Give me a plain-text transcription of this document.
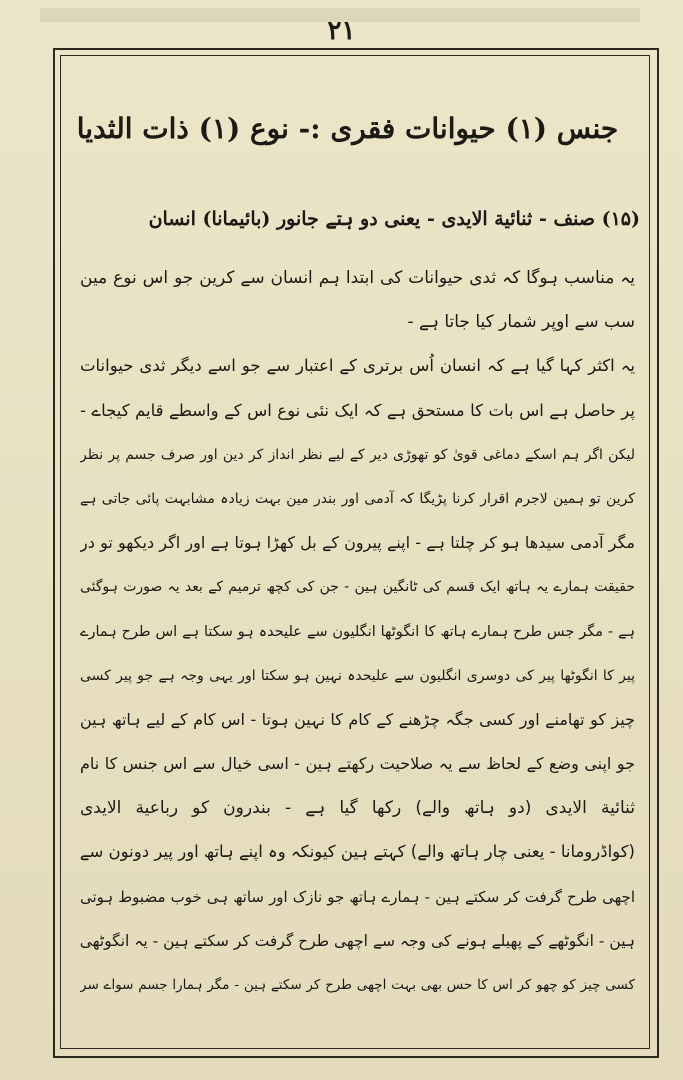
۲۱
جنس (۱) حیوانات فقری :- نوع (۱) ذات الثدیا
(۱۵) صنف - ثنائیة الایدی - یعنی دو ہتے جانور (بائیمانا) انسان
یہ مناسب ہوگا کہ ثدی حیوانات کی ابتدا ہم انسان سے کرین جو اس نوع مین
سب سے اوپر شمار کیا جاتا ہے -
یہ اکثر کہا گیا ہے کہ انسان اُس برتری کے اعتبار سے جو اسے دیگر ثدی حیوانات
پر حاصل ہے اس بات کا مستحق ہے کہ ایک نئی نوع اس کے واسطے قایم کیجاے -
لیکن اگر ہم اسکے دماغی قویٰ کو تھوڑی دیر کے لیے نظر انداز کر دین اور صرف جسم پر نظر
کرین تو ہمین لاجرم اقرار کرنا پڑیگا کہ آدمی اور بندر مین بہت زیادہ مشابہت پائی جاتی ہے
مگر آدمی سیدھا ہو کر چلتا ہے - اپنے پیرون کے بل کھڑا ہوتا ہے اور اگر دیکھو تو در
حقیقت ہمارے یہ ہاتھ ایک قسم کی ٹانگین ہین - جن کی کچھ ترمیم کے بعد یہ صورت ہوگئی
ہے - مگر جس طرح ہمارے ہاتھ کا انگوٹھا انگلیون سے علیحدہ ہو سکتا ہے اس طرح ہمارے
پیر کا انگوٹھا پیر کی دوسری انگلیون سے علیحدہ نہین ہو سکتا اور یہی وجہ ہے جو پیر کسی
چیز کو تھامنے اور کسی جگہ چڑھنے کے کام کا نہین ہوتا - اس کام کے لیے ہاتھ ہین
جو اپنی وضع کے لحاظ سے یہ صلاحیت رکھتے ہین - اسی خیال سے اس جنس کا نام
ثنائیة الایدی (دو ہاتھ والے) رکھا گیا ہے - بندرون کو رباعیة الایدی
(کواڈرومانا - یعنی چار ہاتھ والے) کہتے ہین کیونکہ وہ اپنے ہاتھ اور پیر دونون سے
اچھی طرح گرفت کر سکتے ہین - ہمارے ہاتھ جو نازک اور ساتھ ہی خوب مضبوط ہوتی
ہین - انگوٹھے کے پھیلے ہونے کی وجہ سے اچھی طرح گرفت کر سکتے ہین - یہ انگوٹھی
کسی چیز کو چھو کر اس کا حس بھی بہت اچھی طرح کر سکتے ہین - مگر ہمارا جسم سواے سر
